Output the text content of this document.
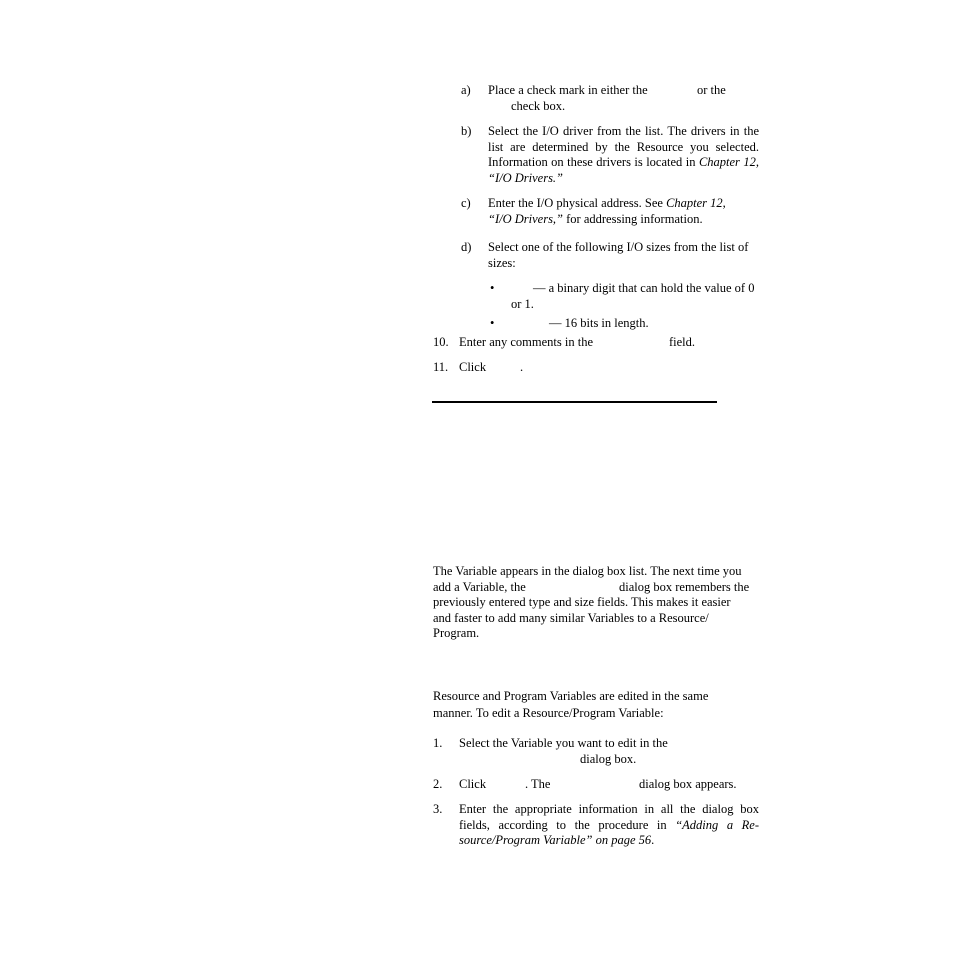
a) Place a check mark in either the	or the
check box.
b) Select the I/O driver from the list. The drivers in the list are determined by the Resource you selected. Information on these drivers is located in Chapter 12, “I/O Drivers.”
c) Enter the I/O physical address. See Chapter 12, “I/O Drivers,” for addressing information.
d) Select one of the following I/O sizes from the list of sizes:
•	— a binary digit that can hold the value of 0 or 1.
•	— 16 bits in length.
10. Enter any comments in the	field.
11. Click	.
The Variable appears in the dialog box list. The next time you
add a Variable, the	dialog box remembers the
previously entered type and size fields. This makes it easier
and faster to add many similar Variables to a Resource/
Program.
Resource and Program Variables are edited in the same
manner. To edit a Resource/Program Variable:
1. Select the Variable you want to edit in the
dialog box.
2. Click	. The	dialog box appears.
3. Enter the appropriate information in all the dialog box fields, according to the procedure in “Adding a Resource/Program Variable” on page 56.
